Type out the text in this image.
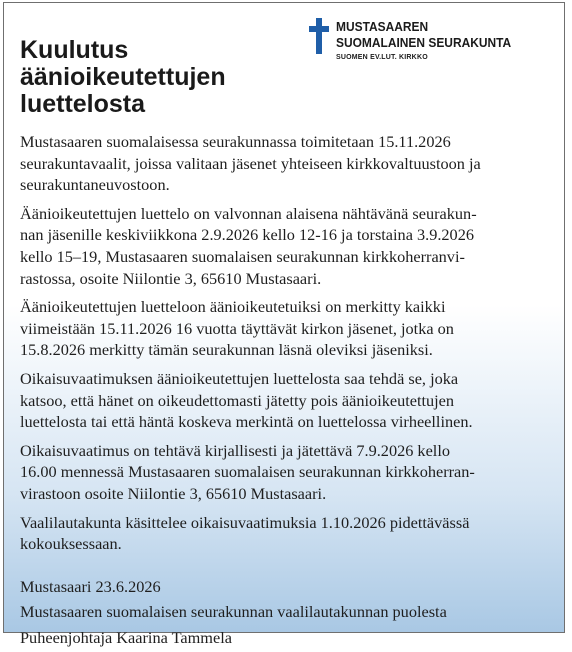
Kuulutus
äänioikeutettujen
luettelosta
MUSTASAAREN
SUOMALAINEN SEURAKUNTA
SUOMEN EV.LUT. KIRKKO

Mustasaaren suomalaisessa seurakunnassa toimitetaan 15.11.2026
seurakuntavaalit, joissa valitaan jäsenet yhteiseen kirkkovaltuustoon ja
seurakuntaneuvostoon.

Äänioikeutettujen luettelo on valvonnan alaisena nähtävänä seurakun-
nan jäsenille keskiviikkona 2.9.2026 kello 12-16 ja torstaina 3.9.2026
kello 15–19, Mustasaaren suomalaisen seurakunnan kirkkoherranvi-
rastossa, osoite Niilontie 3, 65610 Mustasaari.

Äänioikeutettujen luetteloon äänioikeutetuiksi on merkitty kaikki
viimeistään 15.11.2026 16 vuotta täyttävät kirkon jäsenet, jotka on
15.8.2026 merkitty tämän seurakunnan läsnä oleviksi jäseniksi.

Oikaisuvaatimuksen äänioikeutettujen luettelosta saa tehdä se, joka
katsoo, että hänet on oikeudettomasti jätetty pois äänioikeutettujen
luettelosta tai että häntä koskeva merkintä on luettelossa virheellinen.

Oikaisuvaatimus on tehtävä kirjallisesti ja jätettävä 7.9.2026 kello
16.00 mennessä Mustasaaren suomalaisen seurakunnan kirkkoherran-
virastoon osoite Niilontie 3, 65610 Mustasaari.

Vaalilautakunta käsittelee oikaisuvaatimuksia 1.10.2026 pidettävässä
kokouksessaan.

Mustasaari 23.6.2026
Mustasaaren suomalaisen seurakunnan vaalilautakunnan puolesta
Puheenjohtaja Kaarina Tammela
